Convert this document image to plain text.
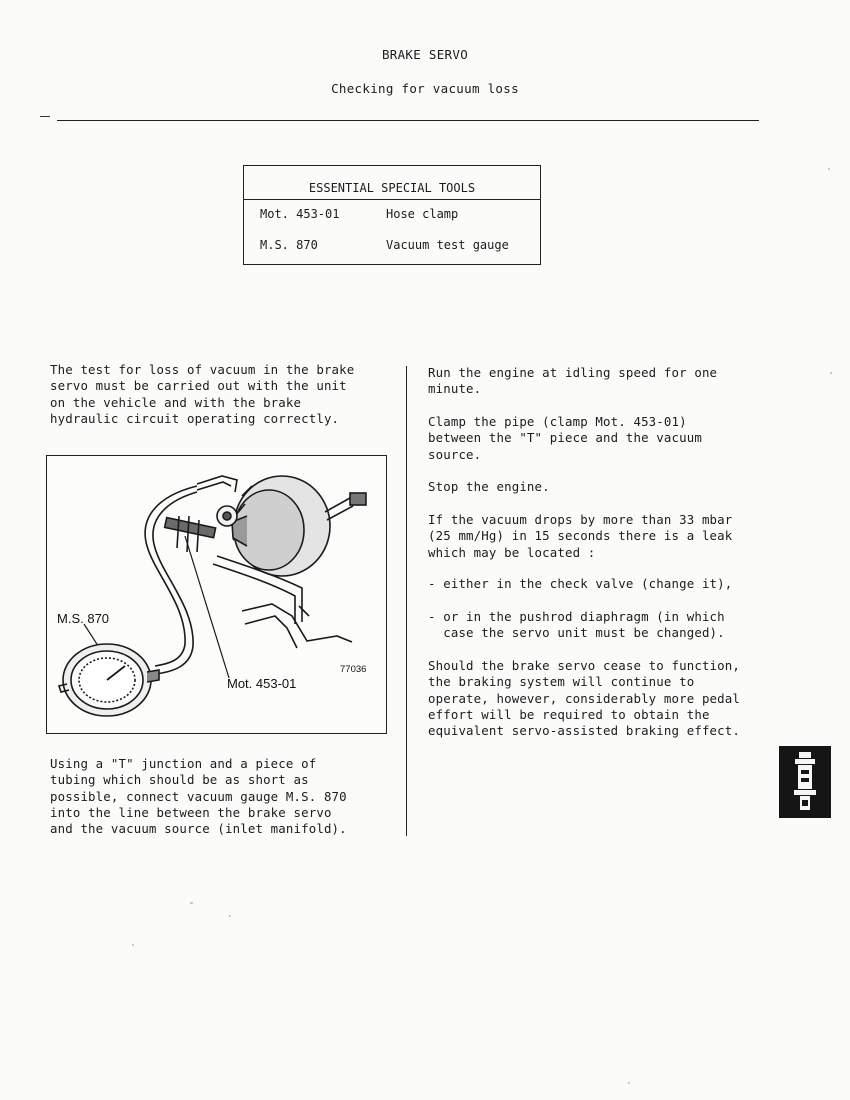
BRAKE SERVO
Checking for vacuum loss
ESSENTIAL SPECIAL TOOLS
Mot. 453-01	Hose clamp
M.S. 870	Vacuum test gauge
The test for loss of vacuum in the brake
servo must be carried out with the unit
on the vehicle and with the brake
hydraulic circuit operating correctly.
M.S. 870
Mot. 453-01
77036
Using a "T" junction and a piece of
tubing which should be as short as
possible, connect vacuum gauge M.S. 870
into the line between the brake servo
and the vacuum source (inlet manifold).

Run the engine at idling speed for one
minute.

Clamp the pipe (clamp Mot. 453-01)
between the "T" piece and the vacuum
source.

Stop the engine.

If the vacuum drops by more than 33 mbar
(25 mm/Hg) in 15 seconds there is a leak
which may be located :

- either in the check valve (change it),

- or in the pushrod diaphragm (in which
case the servo unit must be changed).

Should the brake servo cease to function,
the braking system will continue to
operate, however, considerably more pedal
effort will be required to obtain the
equivalent servo-assisted braking effect.
